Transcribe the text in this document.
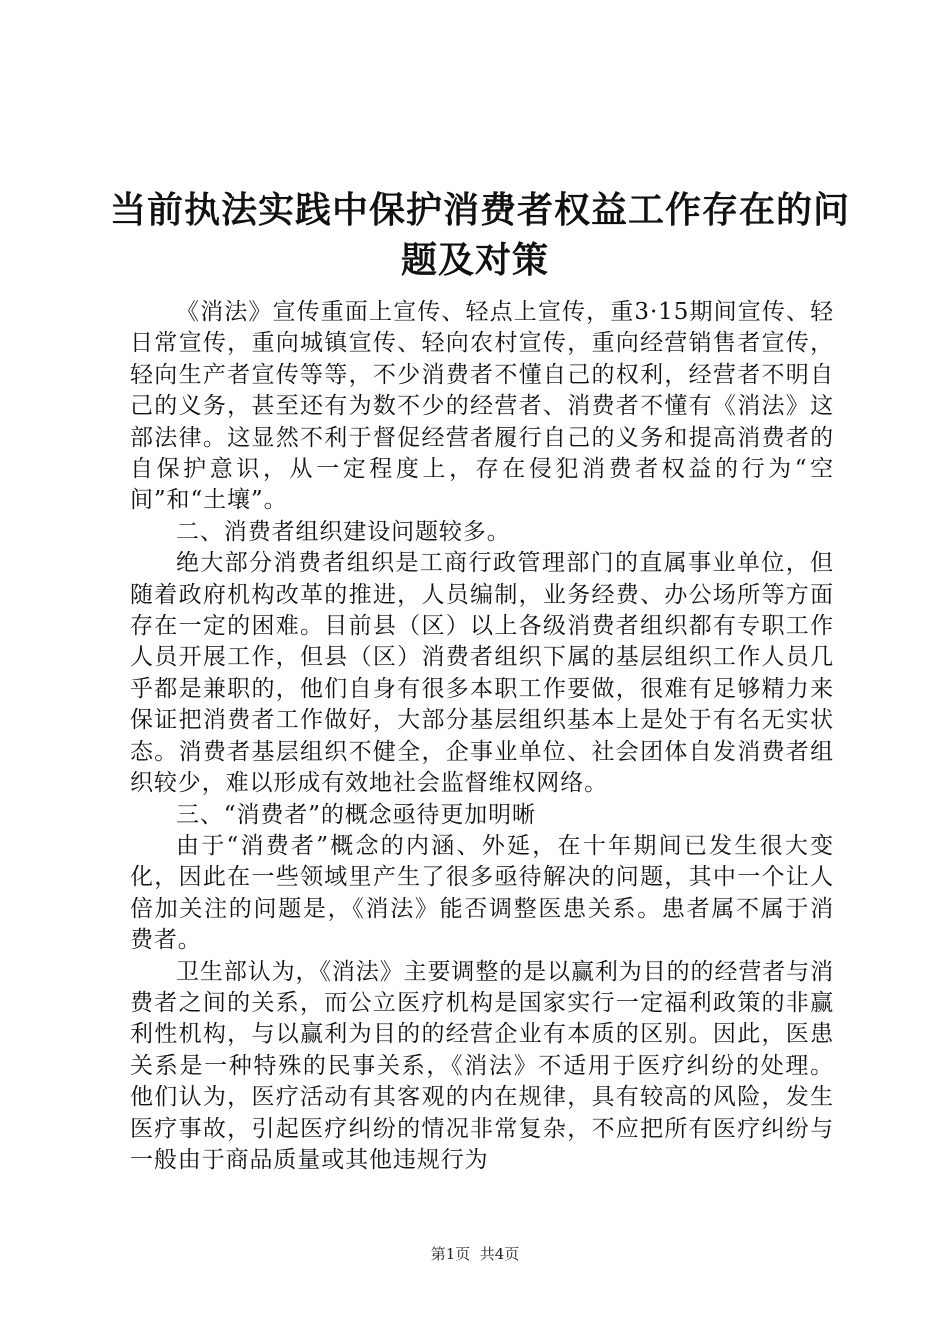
当前执法实践中保护消费者权益工作存在的问
题及对策

《消法》宣传重面上宣传、轻点上宣传，重3·15期间宣传、轻日常宣传，重向城镇宣传、轻向农村宣传，重向经营销售者宣传，轻向生产者宣传等等，不少消费者不懂自己的权利，经营者不明自己的义务，甚至还有为数不少的经营者、消费者不懂有《消法》这部法律。这显然不利于督促经营者履行自己的义务和提高消费者的自保护意识，从一定程度上，存在侵犯消费者权益的行为“空间”和“土壤”。

二、消费者组织建设问题较多。

绝大部分消费者组织是工商行政管理部门的直属事业单位，但随着政府机构改革的推进，人员编制，业务经费、办公场所等方面存在一定的困难。目前县（区）以上各级消费者组织都有专职工作人员开展工作，但县（区）消费者组织下属的基层组织工作人员几乎都是兼职的，他们自身有很多本职工作要做，很难有足够精力来保证把消费者工作做好，大部分基层组织基本上是处于有名无实状态。消费者基层组织不健全，企事业单位、社会团体自发消费者组织较少，难以形成有效地社会监督维权网络。

三、“消费者”的概念亟待更加明晰

由于“消费者”概念的内涵、外延，在十年期间已发生很大变化，因此在一些领域里产生了很多亟待解决的问题，其中一个让人倍加关注的问题是，《消法》能否调整医患关系。患者属不属于消费者。

卫生部认为，《消法》主要调整的是以赢利为目的的经营者与消费者之间的关系，而公立医疗机构是国家实行一定福利政策的非赢利性机构，与以赢利为目的的经营企业有本质的区别。因此，医患关系是一种特殊的民事关系，《消法》不适用于医疗纠纷的处理。他们认为，医疗活动有其客观的内在规律，具有较高的风险，发生医疗事故，引起医疗纠纷的情况非常复杂，不应把所有医疗纠纷与一般由于商品质量或其他违规行为

第1页  共4页
